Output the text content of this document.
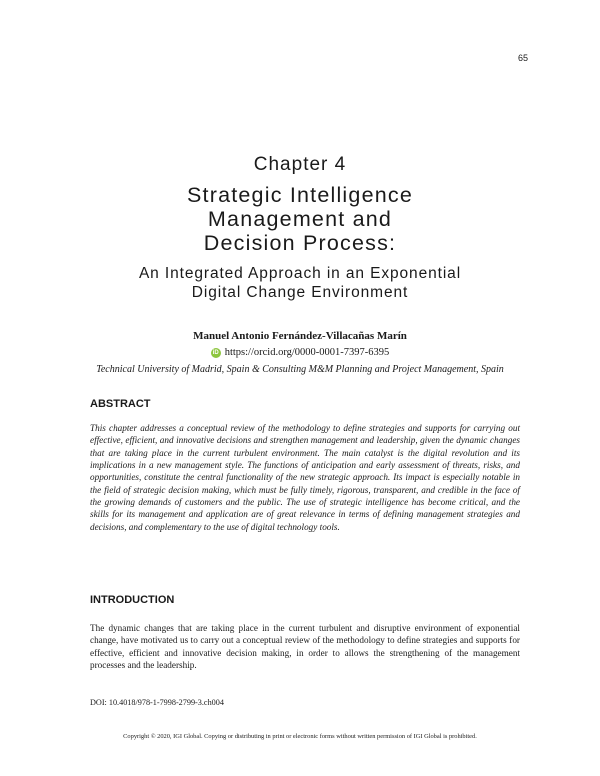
65
Chapter 4
Strategic Intelligence
Management and
Decision Process:
An Integrated Approach in an Exponential
Digital Change Environment
Manuel Antonio Fernández-Villacañas Marín
iD https://orcid.org/0000-0001-7397-6395
Technical University of Madrid, Spain & Consulting M&M Planning and Project Management, Spain
ABSTRACT

This chapter addresses a conceptual review of the methodology to define strategies and supports for carrying out effective, efficient, and innovative decisions and strengthen management and leadership, given the dynamic changes that are taking place in the current turbulent environment. The main catalyst is the digital revolution and its implications in a new management style. The functions of anticipation and early assessment of threats, risks, and opportunities, constitute the central functionality of the new strategic approach. Its impact is especially notable in the field of strategic decision making, which must be fully timely, rigorous, transparent, and credible in the face of the growing demands of customers and the public. The use of strategic intelligence has become critical, and the skills for its management and application are of great relevance in terms of defining management strategies and decisions, and complementary to the use of digital technology tools.

INTRODUCTION

The dynamic changes that are taking place in the current turbulent and disruptive environment of exponential change, have motivated us to carry out a conceptual review of the methodology to define strategies and supports for effective, efficient and innovative decision making, in order to allows the strengthening of the management processes and the leadership.

DOI: 10.4018/978-1-7998-2799-3.ch004
Copyright © 2020, IGI Global. Copying or distributing in print or electronic forms without written permission of IGI Global is prohibited.
